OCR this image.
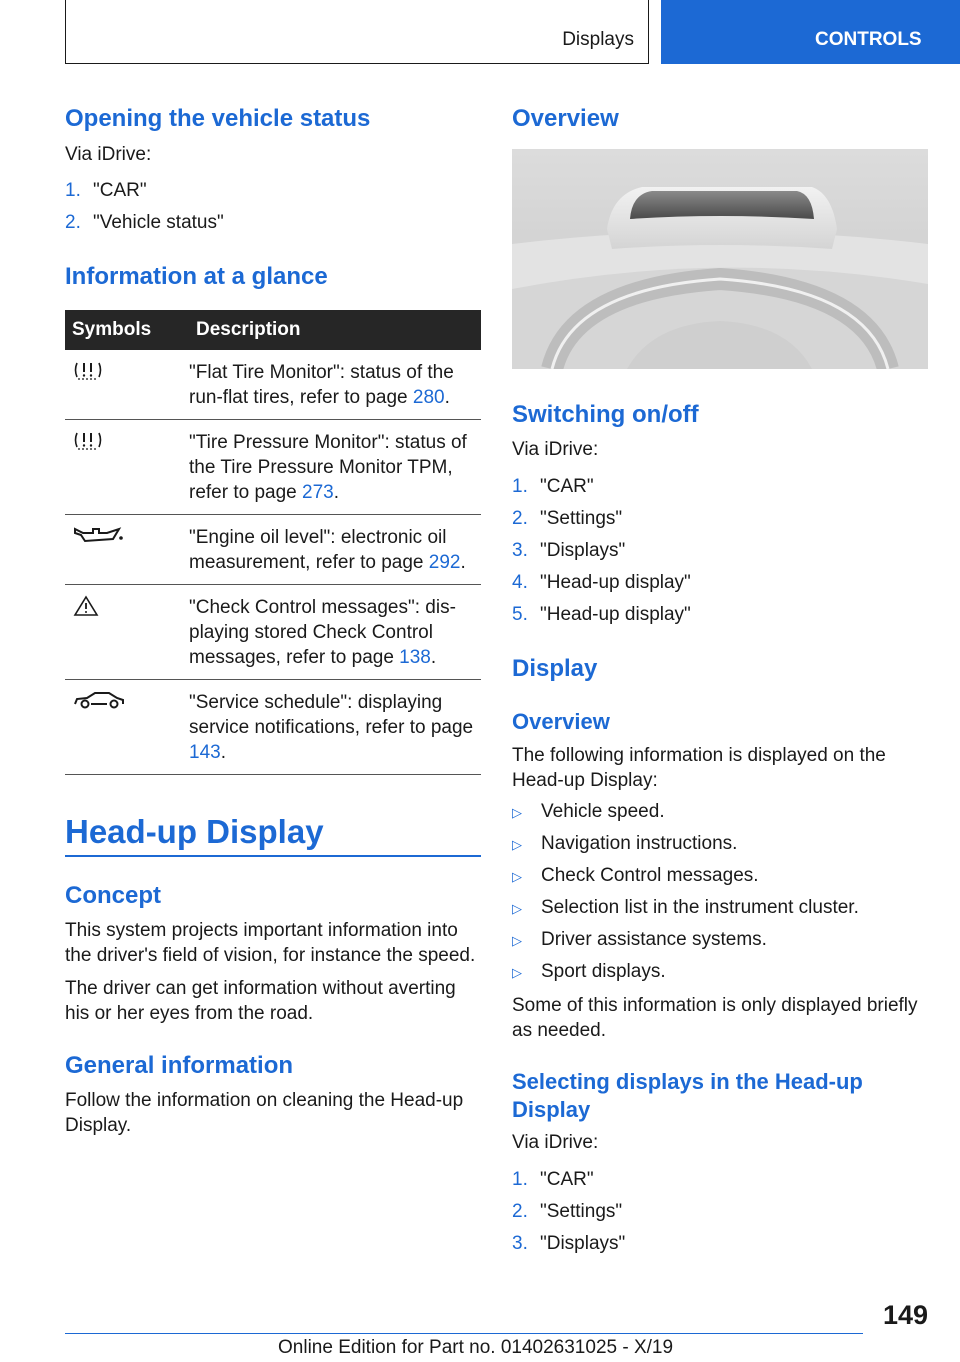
Displays	CONTROLS
Opening the vehicle status
Via iDrive:
1. "CAR"
2. "Vehicle status"
Information at a glance
Symbols	Description
	"Flat Tire Monitor": status of the run-flat tires, refer to page 280.
	"Tire Pressure Monitor": status of the Tire Pressure Monitor TPM, refer to page 273.
	"Engine oil level": electronic oil measurement, refer to page 292.
	"Check Control messages": dis‐playing stored Check Control messages, refer to page 138.
	"Service schedule": displaying service notifications, refer to page 143.
Head-up Display
Concept
This system projects important information into the driver's field of vision, for instance the speed.
The driver can get information without averting his or her eyes from the road.
General information
Follow the information on cleaning the Head-up Display.
Overview
Switching on/off
Via iDrive:
1. "CAR"
2. "Settings"
3. "Displays"
4. "Head-up display"
5. "Head-up display"
Display
Overview
The following information is displayed on the Head-up Display:
▷	Vehicle speed.
▷	Navigation instructions.
▷	Check Control messages.
▷	Selection list in the instrument cluster.
▷	Driver assistance systems.
▷	Sport displays.
Some of this information is only displayed briefly as needed.
Selecting displays in the Head-up Display
Via iDrive:
1. "CAR"
2. "Settings"
3. "Displays"
149
Online Edition for Part no. 01402631025 - X/19
